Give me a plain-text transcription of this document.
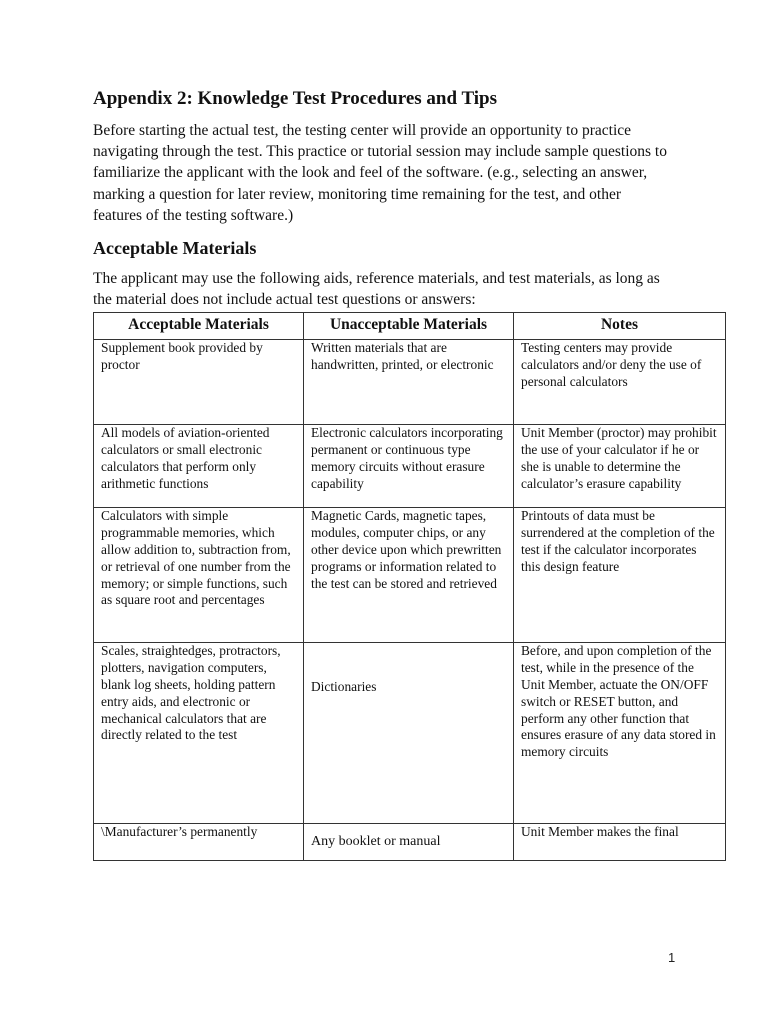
Appendix 2: Knowledge Test Procedures and Tips

Before starting the actual test, the testing center will provide an opportunity to practice navigating through the test. This practice or tutorial session may include sample questions to familiarize the applicant with the look and feel of the software. (e.g., selecting an answer, marking a question for later review, monitoring time remaining for the test, and other features of the testing software.)

Acceptable Materials

The applicant may use the following aids, reference materials, and test materials, as long as the material does not include actual test questions or answers:

Acceptable Materials	Unacceptable Materials	Notes
Supplement book provided by proctor	Written materials that are handwritten, printed, or electronic	Testing centers may provide calculators and/or deny the use of personal calculators
All models of aviation-oriented calculators or small electronic calculators that perform only arithmetic functions	Electronic calculators incorporating permanent or continuous type memory circuits without erasure capability	Unit Member (proctor) may prohibit the use of your calculator if he or she is unable to determine the calculator’s erasure capability
Calculators with simple programmable memories, which allow addition to, subtraction from, or retrieval of one number from the memory; or simple functions, such as square root and percentages	Magnetic Cards, magnetic tapes, modules, computer chips, or any other device upon which prewritten programs or information related to the test can be stored and retrieved	Printouts of data must be surrendered at the completion of the test if the calculator incorporates this design feature
Scales, straightedges, protractors, plotters, navigation computers, blank log sheets, holding pattern entry aids, and electronic or mechanical calculators that are directly related to the test	Dictionaries	Before, and upon completion of the test, while in the presence of the Unit Member, actuate the ON/OFF switch or RESET button, and perform any other function that ensures erasure of any data stored in memory circuits
\Manufacturer’s permanently	Any booklet or manual	Unit Member makes the final
1
